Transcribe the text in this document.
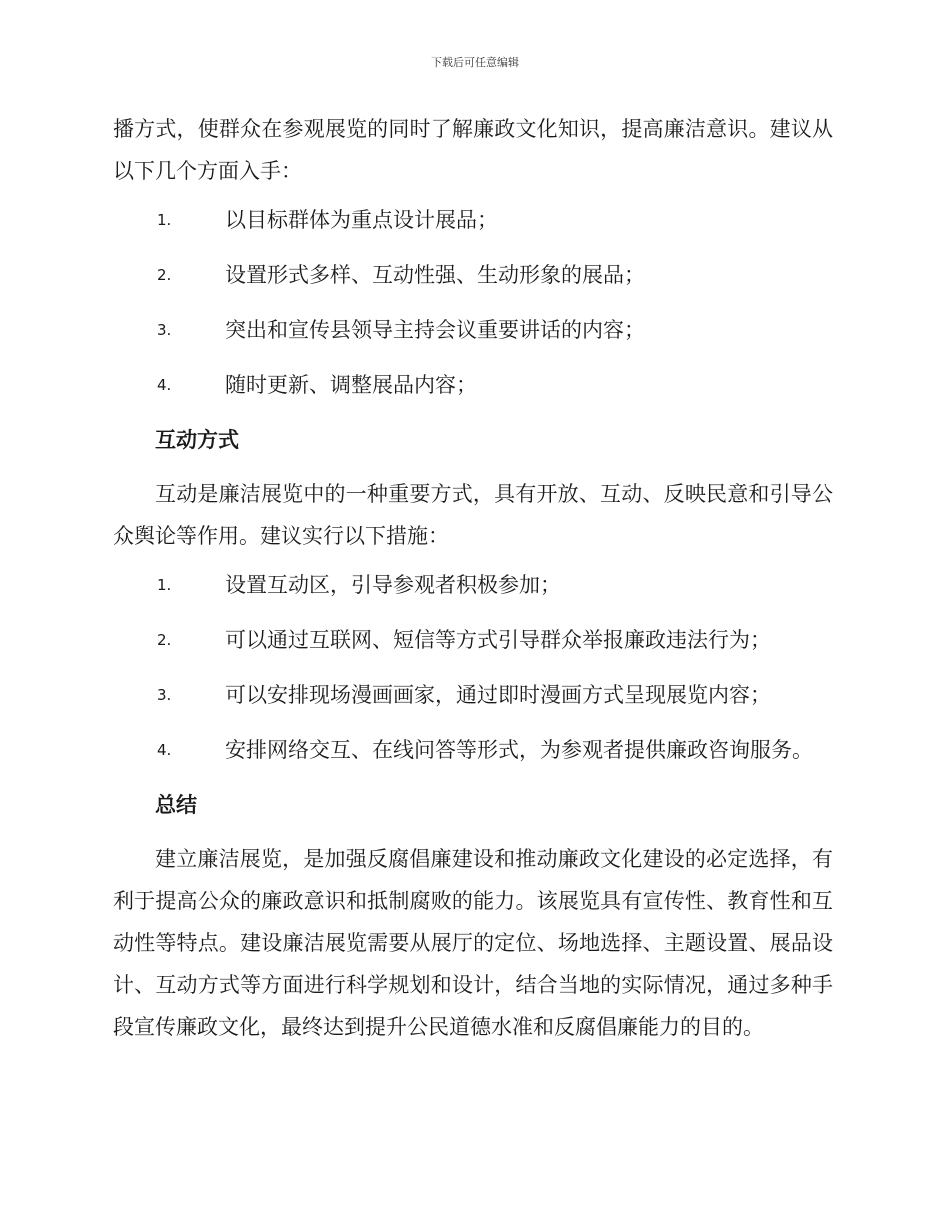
下载后可任意编辑

播方式，使群众在参观展览的同时了解廉政文化知识，提高廉洁意识。建议从以下几个方面入手：

1.	以目标群体为重点设计展品；
2.	设置形式多样、互动性强、生动形象的展品；
3.	突出和宣传县领导主持会议重要讲话的内容；
4.	随时更新、调整展品内容；
互动方式

互动是廉洁展览中的一种重要方式，具有开放、互动、反映民意和引导公众舆论等作用。建议实行以下措施：

1.	设置互动区，引导参观者积极参加；
2.	可以通过互联网、短信等方式引导群众举报廉政违法行为；
3.	可以安排现场漫画画家，通过即时漫画方式呈现展览内容；
4.	安排网络交互、在线问答等形式，为参观者提供廉政咨询服务。
总结

建立廉洁展览，是加强反腐倡廉建设和推动廉政文化建设的必定选择，有利于提高公众的廉政意识和抵制腐败的能力。该展览具有宣传性、教育性和互动性等特点。建设廉洁展览需要从展厅的定位、场地选择、主题设置、展品设计、互动方式等方面进行科学规划和设计，结合当地的实际情况，通过多种手段宣传廉政文化，最终达到提升公民道德水准和反腐倡廉能力的目的。
